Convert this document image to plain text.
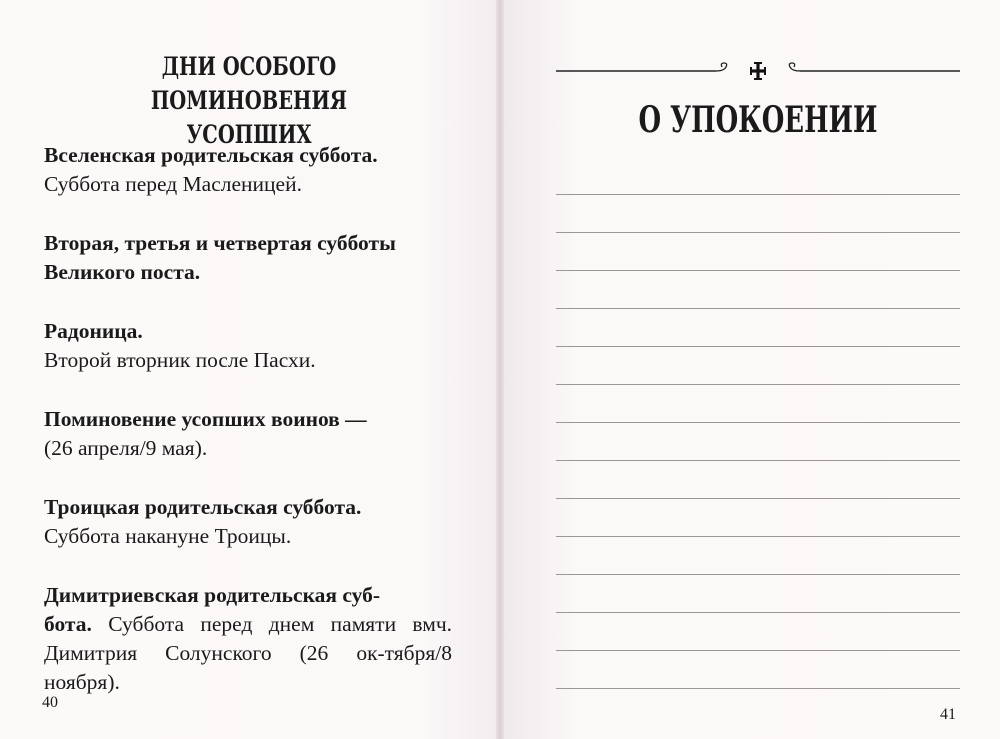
ДНИ ОСОБОГО ПОМИНОВЕНИЯ
УСОПШИХ
Вселенская родительская суббота.
Суббота перед Масленицей.
Вторая, третья и четвертая субботы Великого поста.
Радоница.
Второй вторник после Пасхи.
Поминовение усопших воинов —
(26 апреля/9 мая).
Троицкая родительская суббота.
Суббота накануне Троицы.
Димитриевская родительская суб-
бота. Суббота перед днем памяти вмч. Димитрия Солунского (26 ок-тября/8 ноября).
40
О УПОКОЕНИИ
41
